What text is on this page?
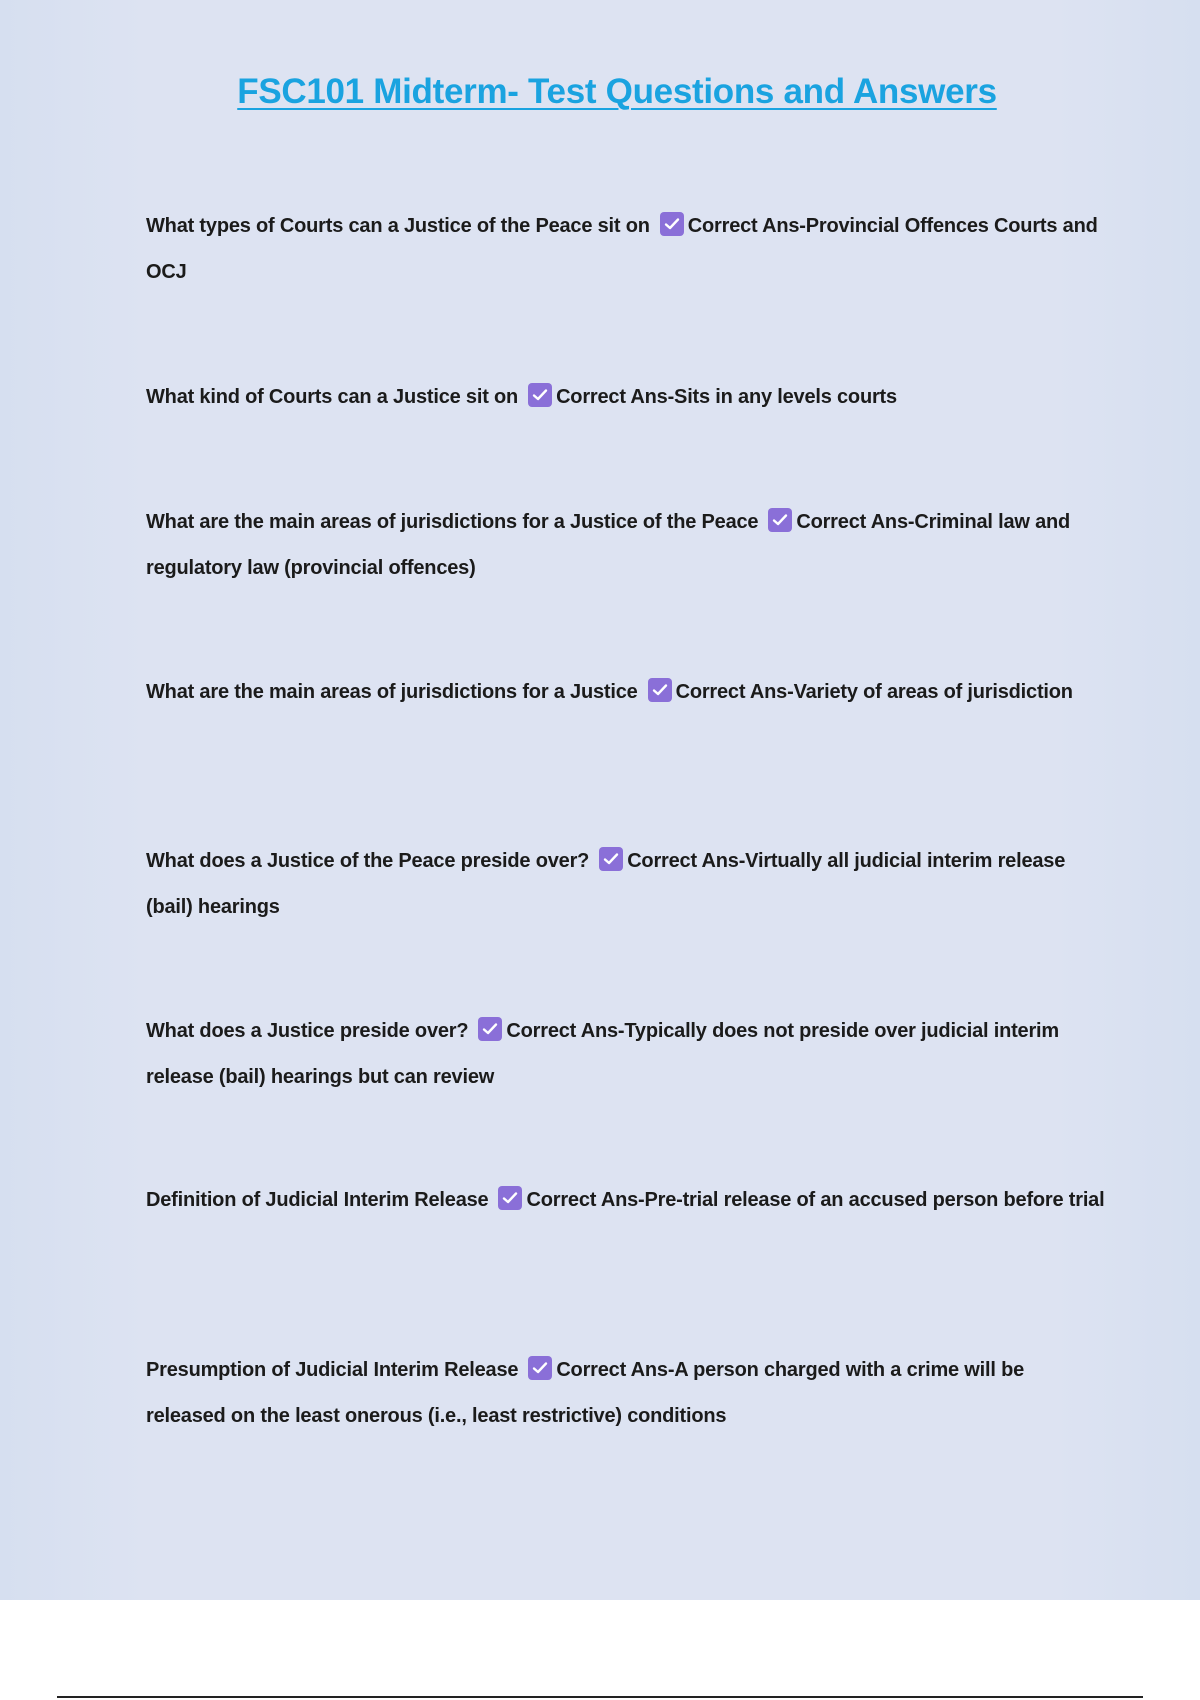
FSC101 Midterm- Test Questions and Answers
What types of Courts can a Justice of the Peace sit on Correct Ans-Provincial Offences Courts and OCJ
What kind of Courts can a Justice sit on Correct Ans-Sits in any levels courts
What are the main areas of jurisdictions for a Justice of the Peace Correct Ans-Criminal law and regulatory law (provincial offences)
What are the main areas of jurisdictions for a Justice Correct Ans-Variety of areas of jurisdiction
What does a Justice of the Peace preside over? Correct Ans-Virtually all judicial interim release (bail) hearings
What does a Justice preside over? Correct Ans-Typically does not preside over judicial interim release (bail) hearings but can review
Definition of Judicial Interim Release Correct Ans-Pre-trial release of an accused person before trial
Presumption of Judicial Interim Release Correct Ans-A person charged with a crime will be released on the least onerous (i.e., least restrictive) conditions
